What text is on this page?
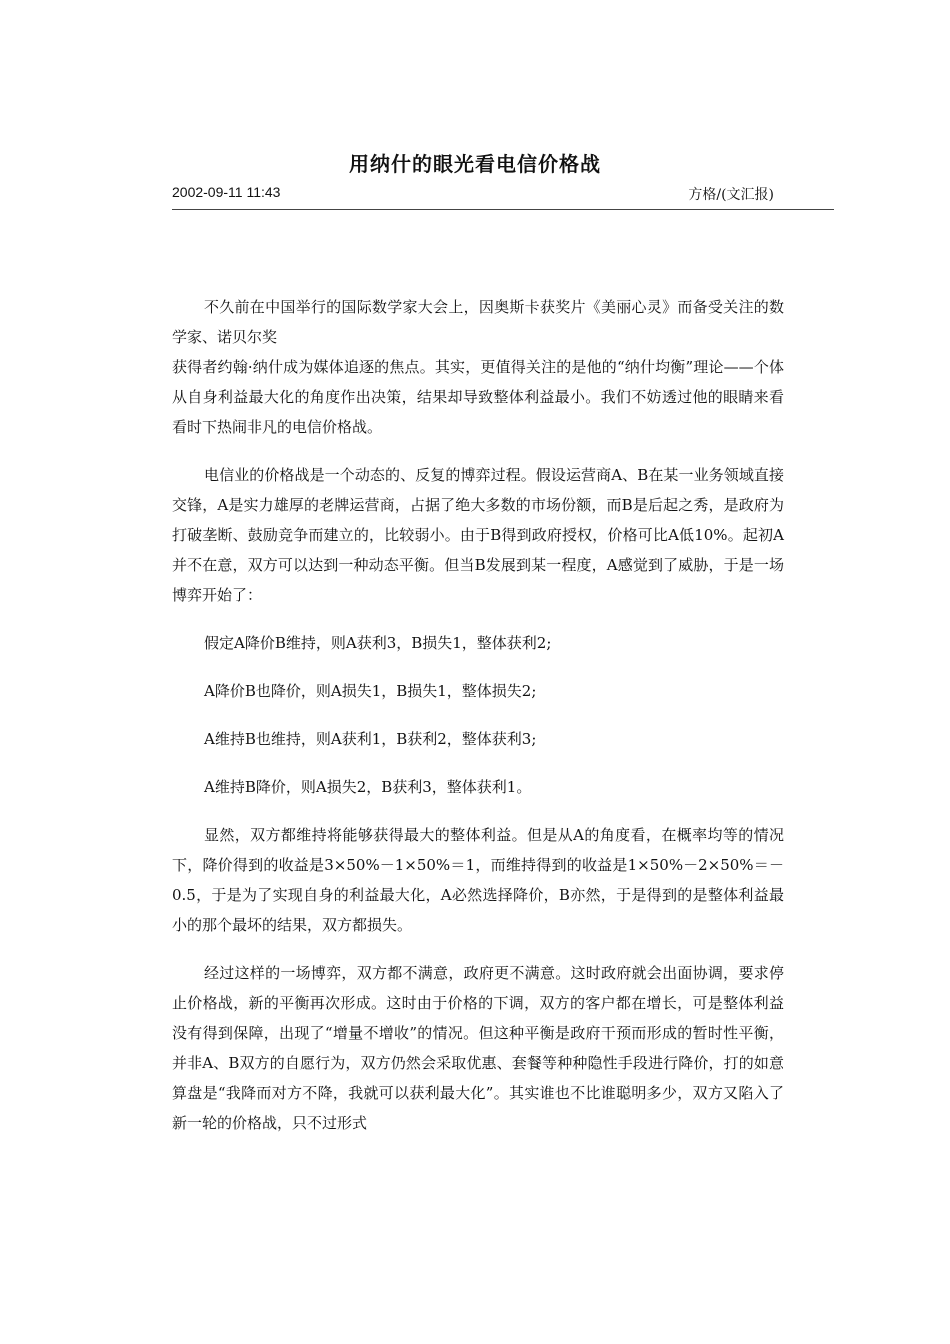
用纳什的眼光看电信价格战
2002-09-11 11:43	方格/(文汇报)

不久前在中国举行的国际数学家大会上，因奥斯卡获奖片《美丽心灵》而备受关注的数学家、诺贝尔奖

获得者约翰·纳什成为媒体追逐的焦点。其实，更值得关注的是他的“纳什均衡”理论——个体从自身利益最大化的角度作出决策，结果却导致整体利益最小。我们不妨透过他的眼睛来看看时下热闹非凡的电信价格战。

电信业的价格战是一个动态的、反复的博弈过程。假设运营商A、B在某一业务领域直接交锋，A是实力雄厚的老牌运营商，占据了绝大多数的市场份额，而B是后起之秀，是政府为打破垄断、鼓励竞争而建立的，比较弱小。由于B得到政府授权，价格可比A低10%。起初A并不在意，双方可以达到一种动态平衡。但当B发展到某一程度，A感觉到了威胁，于是一场博弈开始了：

假定A降价B维持，则A获利3，B损失1，整体获利2;

A降价B也降价，则A损失1，B损失1，整体损失2;

A维持B也维持，则A获利1，B获利2，整体获利3;

A维持B降价，则A损失2，B获利3，整体获利1。

显然，双方都维持将能够获得最大的整体利益。但是从A的角度看，在概率均等的情况下，降价得到的收益是3×50%－1×50%＝1，而维持得到的收益是1×50%－2×50%＝－0.5，于是为了实现自身的利益最大化，A必然选择降价，B亦然，于是得到的是整体利益最小的那个最坏的结果，双方都损失。

经过这样的一场博弈，双方都不满意，政府更不满意。这时政府就会出面协调，要求停止价格战，新的平衡再次形成。这时由于价格的下调，双方的客户都在增长，可是整体利益没有得到保障，出现了“增量不增收”的情况。但这种平衡是政府干预而形成的暂时性平衡，并非A、B双方的自愿行为，双方仍然会采取优惠、套餐等种种隐性手段进行降价，打的如意算盘是“我降而对方不降，我就可以获利最大化”。其实谁也不比谁聪明多少，双方又陷入了新一轮的价格战，只不过形式
